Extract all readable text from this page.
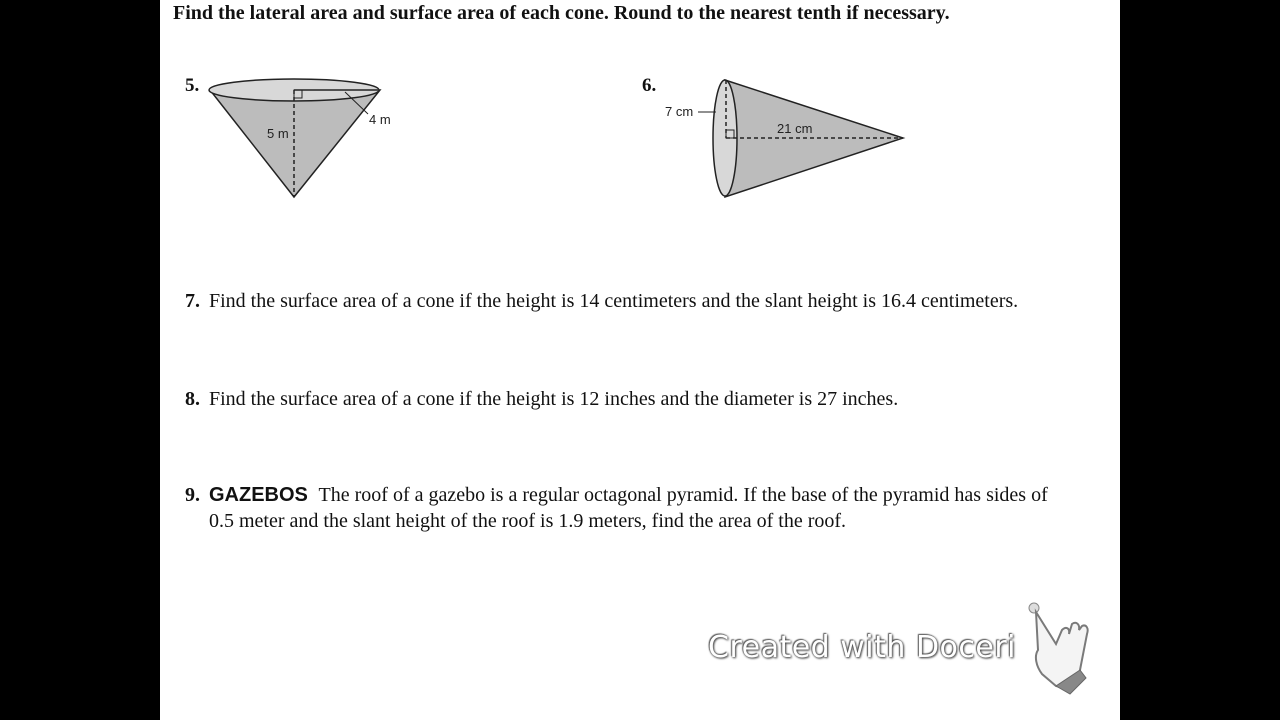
Find the lateral area and surface area of each cone. Round to the nearest tenth if necessary.
5.
5 m
4 m
6.
7 cm
21 cm
7. Find the surface area of a cone if the height is 14 centimeters and the slant height is 16.4 centimeters.
8. Find the surface area of a cone if the height is 12 inches and the diameter is 27 inches.
9. GAZEBOS The roof of a gazebo is a regular octagonal pyramid. If the base of the pyramid has sides of 0.5 meter and the slant height of the roof is 1.9 meters, find the area of the roof.
Created with Doceri
